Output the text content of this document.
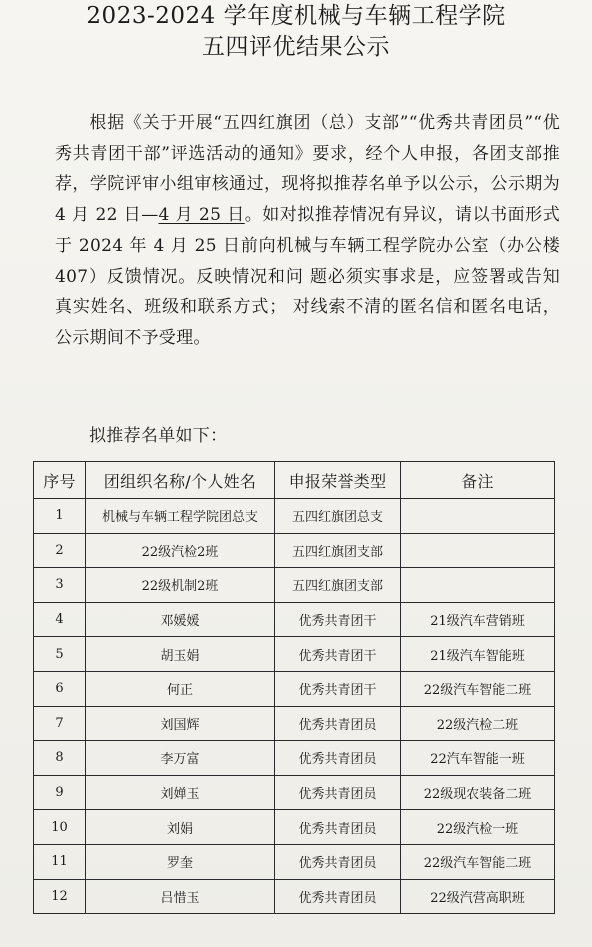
2023-2024 学年度机械与车辆工程学院
五四评优结果公示
根据《关于开展“五四红旗团（总）支部”“优秀共青团员”“优秀共青团干部”评选活动的通知》要求，经个人申报，各团支部推荐，学院评审小组审核通过，现将拟推荐名单予以公示，公示期为 4 月 22 日—4 月 25 日。如对拟推荐情况有异议，请以书面形式于 2024 年 4 月 25 日前向机械与车辆工程学院办公室（办公楼 407）反馈情况。反映情况和问 题必须实事求是，应签署或告知真实姓名、班级和联系方式； 对线索不清的匿名信和匿名电话，公示期间不予受理。
拟推荐名单如下：
序号	团组织名称/个人姓名	申报荣誉类型	备注
1	机械与车辆工程学院团总支	五四红旗团总支	
2	22级汽检2班	五四红旗团支部	
3	22级机制2班	五四红旗团支部	
4	邓媛媛	优秀共青团干	21级汽车营销班
5	胡玉娟	优秀共青团干	21级汽车智能班
6	何正	优秀共青团干	22级汽车智能二班
7	刘国辉	优秀共青团员	22级汽检二班
8	李万富	优秀共青团员	22汽车智能一班
9	刘婵玉	优秀共青团员	22级现农装备二班
10	刘娟	优秀共青团员	22级汽检一班
11	罗奎	优秀共青团员	22级汽车智能二班
12	吕惜玉	优秀共青团员	22级汽营高职班
